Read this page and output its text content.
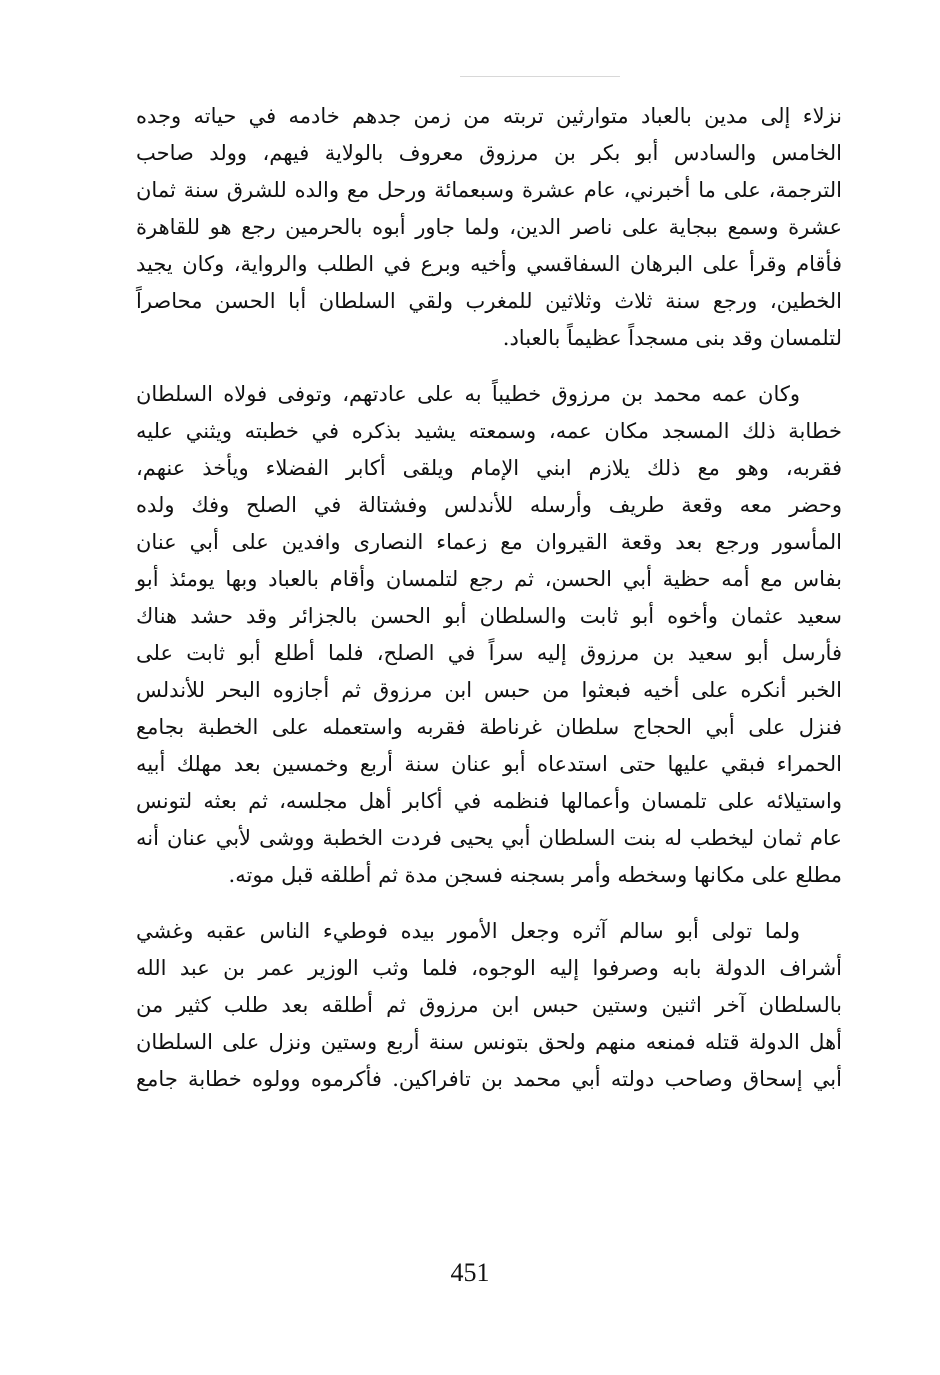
نزلاء إلى مدين بالعباد متوارثين تربته من زمن جدهم خادمه في حياته وجده
الخامس والسادس أبو بكر بن مرزوق معروف بالولاية فيهم، وولد صاحب
الترجمة، على ما أخبرني، عام عشرة وسبعمائة ورحل مع والده للشرق سنة ثمان
عشرة وسمع ببجاية على ناصر الدين، ولما جاور أبوه بالحرمين رجع هو للقاهرة
فأقام وقرأ على البرهان السفاقسي وأخيه وبرع في الطلب والرواية، وكان يجيد
الخطين، ورجع سنة ثلاث وثلاثين للمغرب ولقي السلطان أبا الحسن محاصراً
لتلمسان وقد بنى مسجداً عظيماً بالعباد.

وكان عمه محمد بن مرزوق خطيباً به على عادتهم، وتوفى فولاه السلطان
خطابة ذلك المسجد مكان عمه، وسمعته يشيد بذكره في خطبته ويثني عليه
فقربه، وهو مع ذلك يلازم ابني الإمام ويلقى أكابر الفضلاء ويأخذ عنهم،
وحضر معه وقعة طريف وأرسله للأندلس وفشتالة في الصلح وفك ولده
المأسور ورجع بعد وقعة القيروان مع زعماء النصارى وافدين على أبي عنان
بفاس مع أمه حظية أبي الحسن، ثم رجع لتلمسان وأقام بالعباد وبها يومئذ أبو
سعيد عثمان وأخوه أبو ثابت والسلطان أبو الحسن بالجزائر وقد حشد هناك
فأرسل أبو سعيد بن مرزوق إليه سراً في الصلح، فلما أطلع أبو ثابت على
الخبر أنكره على أخيه فبعثوا من حبس ابن مرزوق ثم أجازوه البحر للأندلس
فنزل على أبي الحجاج سلطان غرناطة فقربه واستعمله على الخطبة بجامع
الحمراء فبقي عليها حتى استدعاه أبو عنان سنة أربع وخمسين بعد مهلك أبيه
واستيلائه على تلمسان وأعمالها فنظمه في أكابر أهل مجلسه، ثم بعثه لتونس
عام ثمان ليخطب له بنت السلطان أبي يحيى فردت الخطبة ووشى لأبي عنان أنه
مطلع على مكانها وسخطه وأمر بسجنه فسجن مدة ثم أطلقه قبل موته.

ولما تولى أبو سالم آثره وجعل الأمور بيده فوطيء الناس عقبه وغشي
أشراف الدولة بابه وصرفوا إليه الوجوه، فلما وثب الوزير عمر بن عبد الله
بالسلطان آخر اثنين وستين حبس ابن مرزوق ثم أطلقه بعد طلب كثير من
أهل الدولة قتله فمنعه منهم ولحق بتونس سنة أربع وستين ونزل على السلطان
أبي إسحاق وصاحب دولته أبي محمد بن تافراكين. فأكرموه وولوه خطابة جامع

451
